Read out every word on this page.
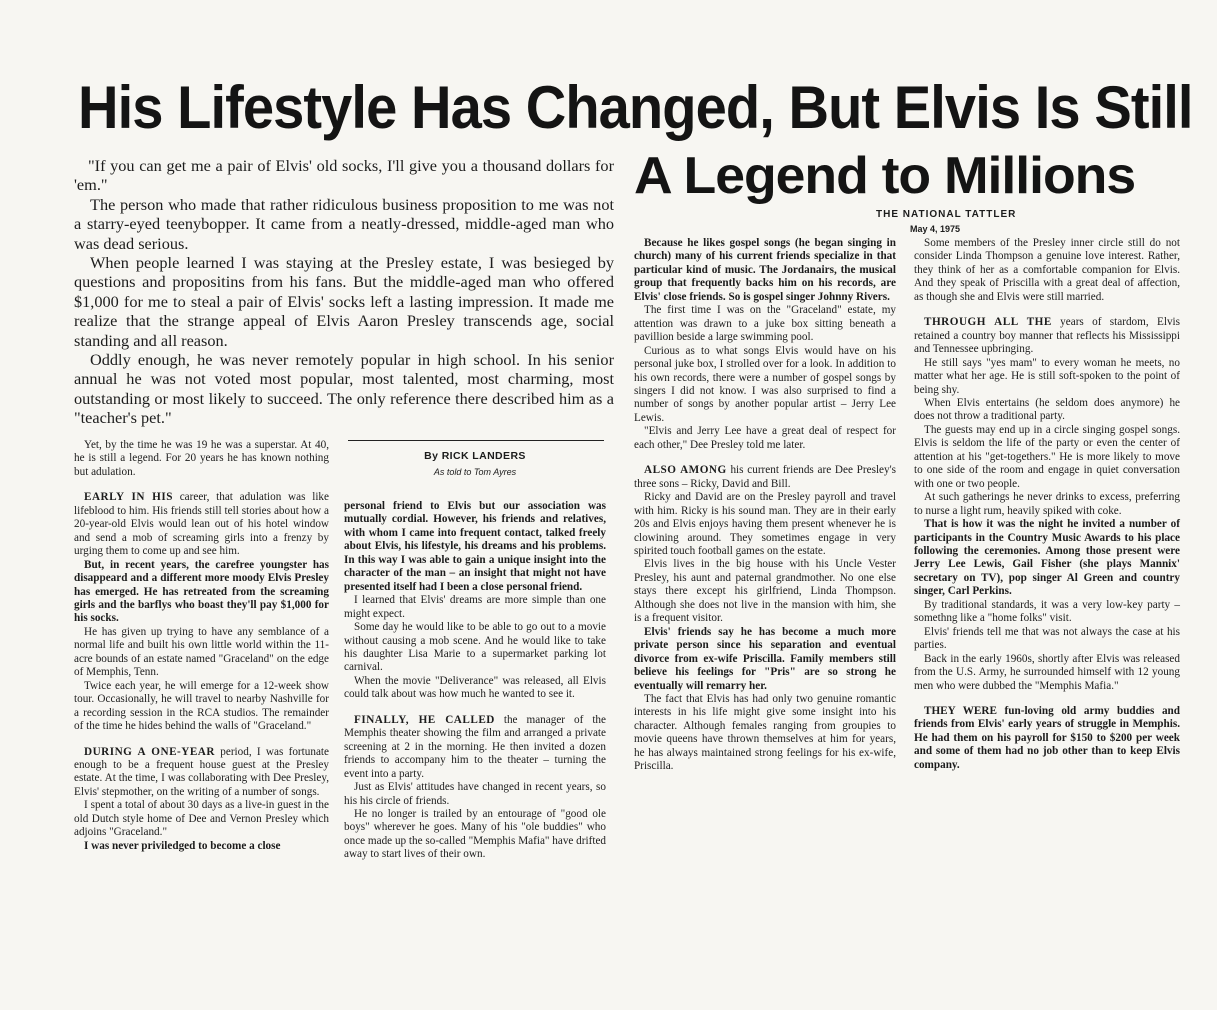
His Lifestyle Has Changed, But Elvis Is Still
A Legend to Millions
THE NATIONAL TATTLER
May 4, 1975

"If you can get me a pair of Elvis' old socks, I'll give you a thousand dollars for 'em."

The person who made that rather ridiculous business proposition to me was not a starry-eyed teenybopper. It came from a neatly-dressed, middle-aged man who was dead serious.

When people learned I was staying at the Presley estate, I was besieged by questions and propositins from his fans. But the middle-aged man who offered $1,000 for me to steal a pair of Elvis' socks left a lasting impression. It made me realize that the strange appeal of Elvis Aaron Presley transcends age, social standing and all reason.

Oddly enough, he was never remotely popular in high school. In his senior annual he was not voted most popular, most talented, most charming, most outstanding or most likely to succeed. The only reference there described him as a "teacher's pet."

By RICK LANDERS
As told to Tom Ayres

Yet, by the time he was 19 he was a superstar. At 40, he is still a legend. For 20 years he has known nothing but adulation.

EARLY IN HIS career, that adulation was like lifeblood to him. His friends still tell stories about how a 20-year-old Elvis would lean out of his hotel window and send a mob of screaming girls into a frenzy by urging them to come up and see him.

But, in recent years, the carefree youngster has disappeard and a different more moody Elvis Presley has emerged. He has retreated from the screaming girls and the barflys who boast they'll pay $1,000 for his socks.

He has given up trying to have any semblance of a normal life and built his own little world within the 11-acre bounds of an estate named "Graceland" on the edge of Memphis, Tenn.

Twice each year, he will emerge for a 12-week show tour. Occasionally, he will travel to nearby Nashville for a recording session in the RCA studios. The remainder of the time he hides behind the walls of "Graceland."

DURING A ONE-YEAR period, I was fortunate enough to be a frequent house guest at the Presley estate. At the time, I was collaborating with Dee Presley, Elvis' stepmother, on the writing of a number of songs.

I spent a total of about 30 days as a live-in guest in the old Dutch style home of Dee and Vernon Presley which adjoins "Graceland."

I was never priviledged to become a close

personal friend to Elvis but our association was mutually cordial. However, his friends and relatives, with whom I came into frequent contact, talked freely about Elvis, his lifestyle, his dreams and his problems. In this way I was able to gain a unique insight into the character of the man – an insight that might not have presented itself had I been a close personal friend.

I learned that Elvis' dreams are more simple than one might expect.

Some day he would like to be able to go out to a movie without causing a mob scene. And he would like to take his daughter Lisa Marie to a supermarket parking lot carnival.

When the movie "Deliverance" was released, all Elvis could talk about was how much he wanted to see it.

FINALLY, HE CALLED the manager of the Memphis theater showing the film and arranged a private screening at 2 in the morning. He then invited a dozen friends to accompany him to the theater – turning the event into a party.

Just as Elvis' attitudes have changed in recent years, so his his circle of friends.

He no longer is trailed by an entourage of "good ole boys" wherever he goes. Many of his "ole buddies" who once made up the so-called "Memphis Mafia" have drifted away to start lives of their own.

Because he likes gospel songs (he began singing in church) many of his current friends specialize in that particular kind of music. The Jordanairs, the musical group that frequently backs him on his records, are Elvis' close friends. So is gospel singer Johnny Rivers.

The first time I was on the "Graceland" estate, my attention was drawn to a juke box sitting beneath a pavillion beside a large swimming pool.

Curious as to what songs Elvis would have on his personal juke box, I strolled over for a look. In addition to his own records, there were a number of gospel songs by singers I did not know. I was also surprised to find a number of songs by another popular artist – Jerry Lee Lewis.

"Elvis and Jerry Lee have a great deal of respect for each other," Dee Presley told me later.

ALSO AMONG his current friends are Dee Presley's three sons – Ricky, David and Bill.

Ricky and David are on the Presley payroll and travel with him. Ricky is his sound man. They are in their early 20s and Elvis enjoys having them present whenever he is clowining around. They sometimes engage in very spirited touch football games on the estate.

Elvis lives in the big house with his Uncle Vester Presley, his aunt and paternal grandmother. No one else stays there except his girlfriend, Linda Thompson. Although she does not live in the mansion with him, she is a frequent visitor.

Elvis' friends say he has become a much more private person since his separation and eventual divorce from ex-wife Priscilla. Family members still believe his feelings for "Pris" are so strong he eventually will remarry her.

The fact that Elvis has had only two genuine romantic interests in his life might give some insight into his character. Although females ranging from groupies to movie queens have thrown themselves at him for years, he has always maintained strong feelings for his ex-wife, Priscilla.

Some members of the Presley inner circle still do not consider Linda Thompson a genuine love interest. Rather, they think of her as a comfortable companion for Elvis. And they speak of Priscilla with a great deal of affection, as though she and Elvis were still married.

THROUGH ALL THE years of stardom, Elvis retained a country boy manner that reflects his Mississippi and Tennessee upbringing.

He still says "yes mam" to every woman he meets, no matter what her age. He is still soft-spoken to the point of being shy.

When Elvis entertains (he seldom does anymore) he does not throw a traditional party.

The guests may end up in a circle singing gospel songs. Elvis is seldom the life of the party or even the center of attention at his "get-togethers." He is more likely to move to one side of the room and engage in quiet conversation with one or two people.

At such gatherings he never drinks to excess, preferring to nurse a light rum, heavily spiked with coke.

That is how it was the night he invited a number of participants in the Country Music Awards to his place following the ceremonies. Among those present were Jerry Lee Lewis, Gail Fisher (she plays Mannix' secretary on TV), pop singer Al Green and country singer, Carl Perkins.

By traditional standards, it was a very low-key party – somethng like a "home folks" visit.

Elvis' friends tell me that was not always the case at his parties.

Back in the early 1960s, shortly after Elvis was released from the U.S. Army, he surrounded himself with 12 young men who were dubbed the "Memphis Mafia."

THEY WERE fun-loving old army buddies and friends from Elvis' early years of struggle in Memphis. He had them on his payroll for $150 to $200 per week and some of them had no job other than to keep Elvis company.
